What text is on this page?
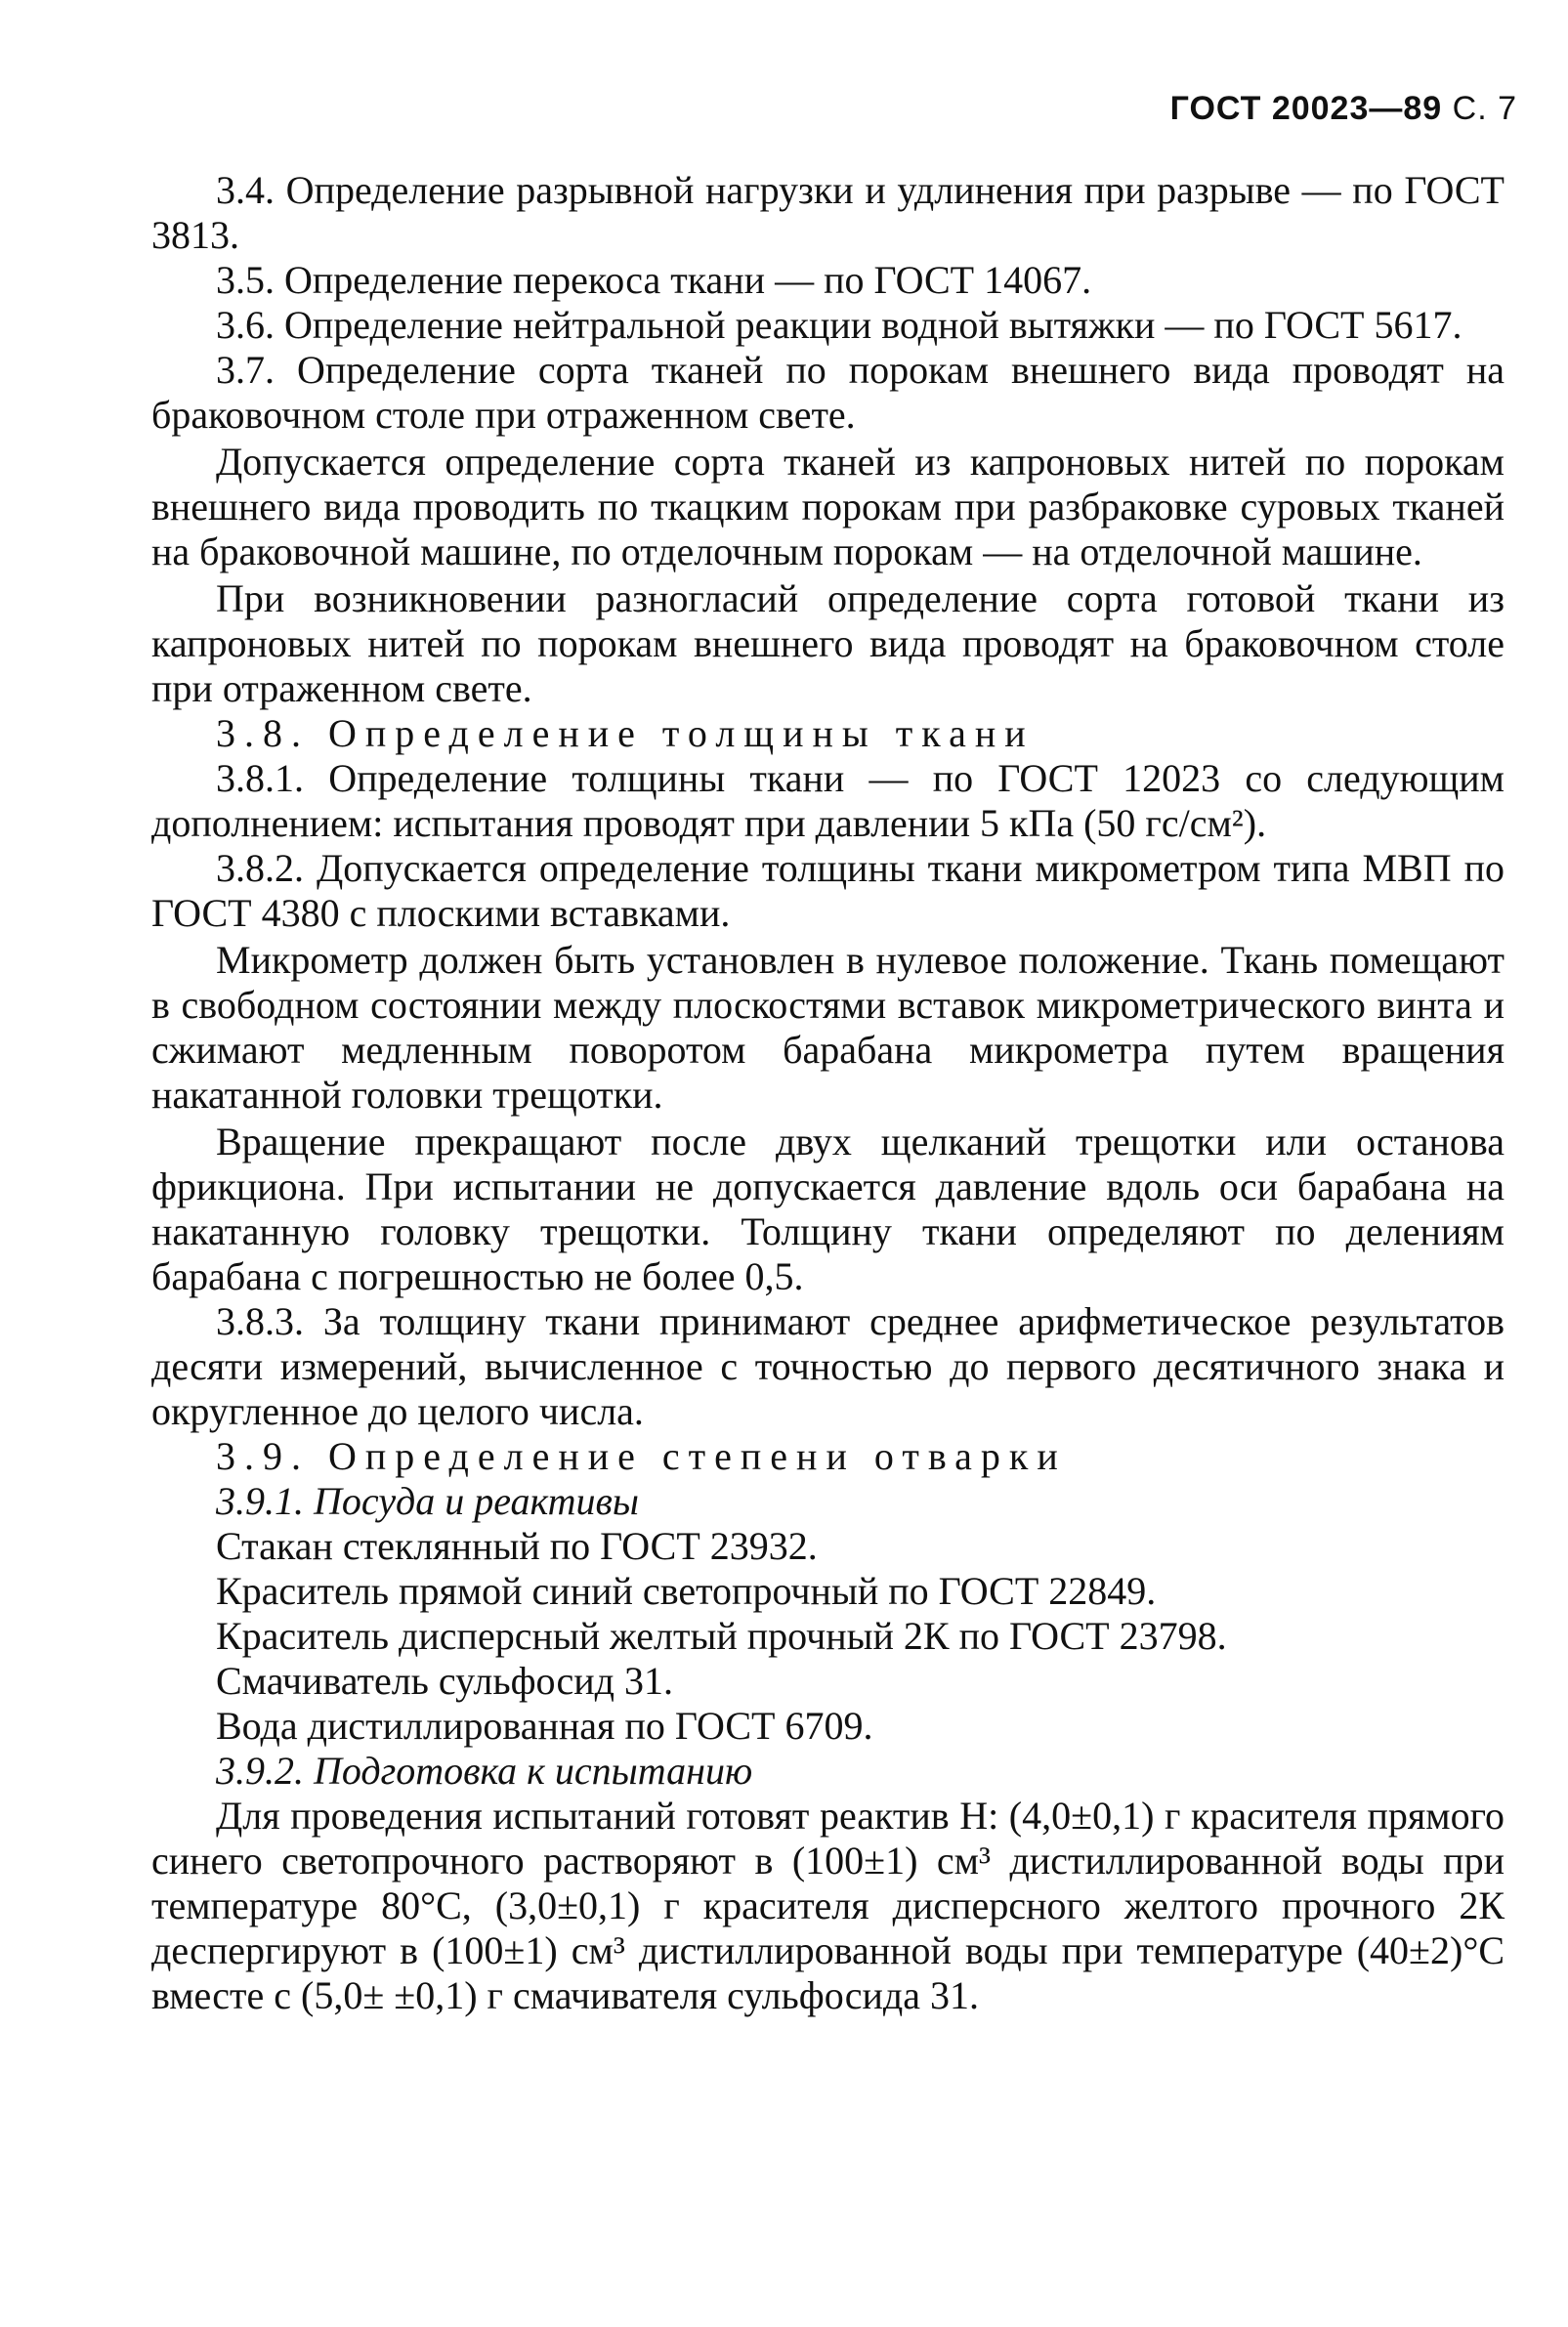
ГОСТ 20023—89 С. 7

3.4. Определение разрывной нагрузки и удлинения при разрыве — по ГОСТ 3813.

3.5. Определение перекоса ткани — по ГОСТ 14067.

3.6. Определение нейтральной реакции водной вытяжки — по ГОСТ 5617.

3.7. Определение сорта тканей по порокам внешнего вида проводят на браковочном столе при отраженном свете.

Допускается определение сорта тканей из капроновых нитей по порокам внешнего вида проводить по ткацким порокам при разбраковке суровых тканей на браковочной машине, по отделочным порокам — на отделочной машине.

При возникновении разногласий определение сорта готовой ткани из капроновых нитей по порокам внешнего вида проводят на браковочном столе при отраженном свете.

3.8. Определение толщины ткани

3.8.1. Определение толщины ткани — по ГОСТ 12023 со следующим дополнением: испытания проводят при давлении 5 кПа (50 гс/см²).

3.8.2. Допускается определение толщины ткани микрометром типа МВП по ГОСТ 4380 с плоскими вставками.

Микрометр должен быть установлен в нулевое положение. Ткань помещают в свободном состоянии между плоскостями вставок микрометрического винта и сжимают медленным поворотом барабана микрометра путем вращения накатанной головки трещотки.

Вращение прекращают после двух щелканий трещотки или останова фрикциона. При испытании не допускается давление вдоль оси барабана на накатанную головку трещотки. Толщину ткани определяют по делениям барабана с погрешностью не более 0,5.

3.8.3. За толщину ткани принимают среднее арифметическое результатов десяти измерений, вычисленное с точностью до первого десятичного знака и округленное до целого числа.

3.9. Определение степени отварки

3.9.1. Посуда и реактивы

Стакан стеклянный по ГОСТ 23932.

Краситель прямой синий светопрочный по ГОСТ 22849.

Краситель дисперсный желтый прочный 2К по ГОСТ 23798.

Смачиватель сульфосид 31.

Вода дистиллированная по ГОСТ 6709.

3.9.2. Подготовка к испытанию

Для проведения испытаний готовят реактив Н: (4,0±0,1) г красителя прямого синего светопрочного растворяют в (100±1) см³ дистиллированной воды при температуре 80°С, (3,0±0,1) г красителя дисперсного желтого прочного 2К деспергируют в (100±1) см³ дистиллированной воды при температуре (40±2)°С вместе с (5,0± ±0,1) г смачивателя сульфосида 31.
